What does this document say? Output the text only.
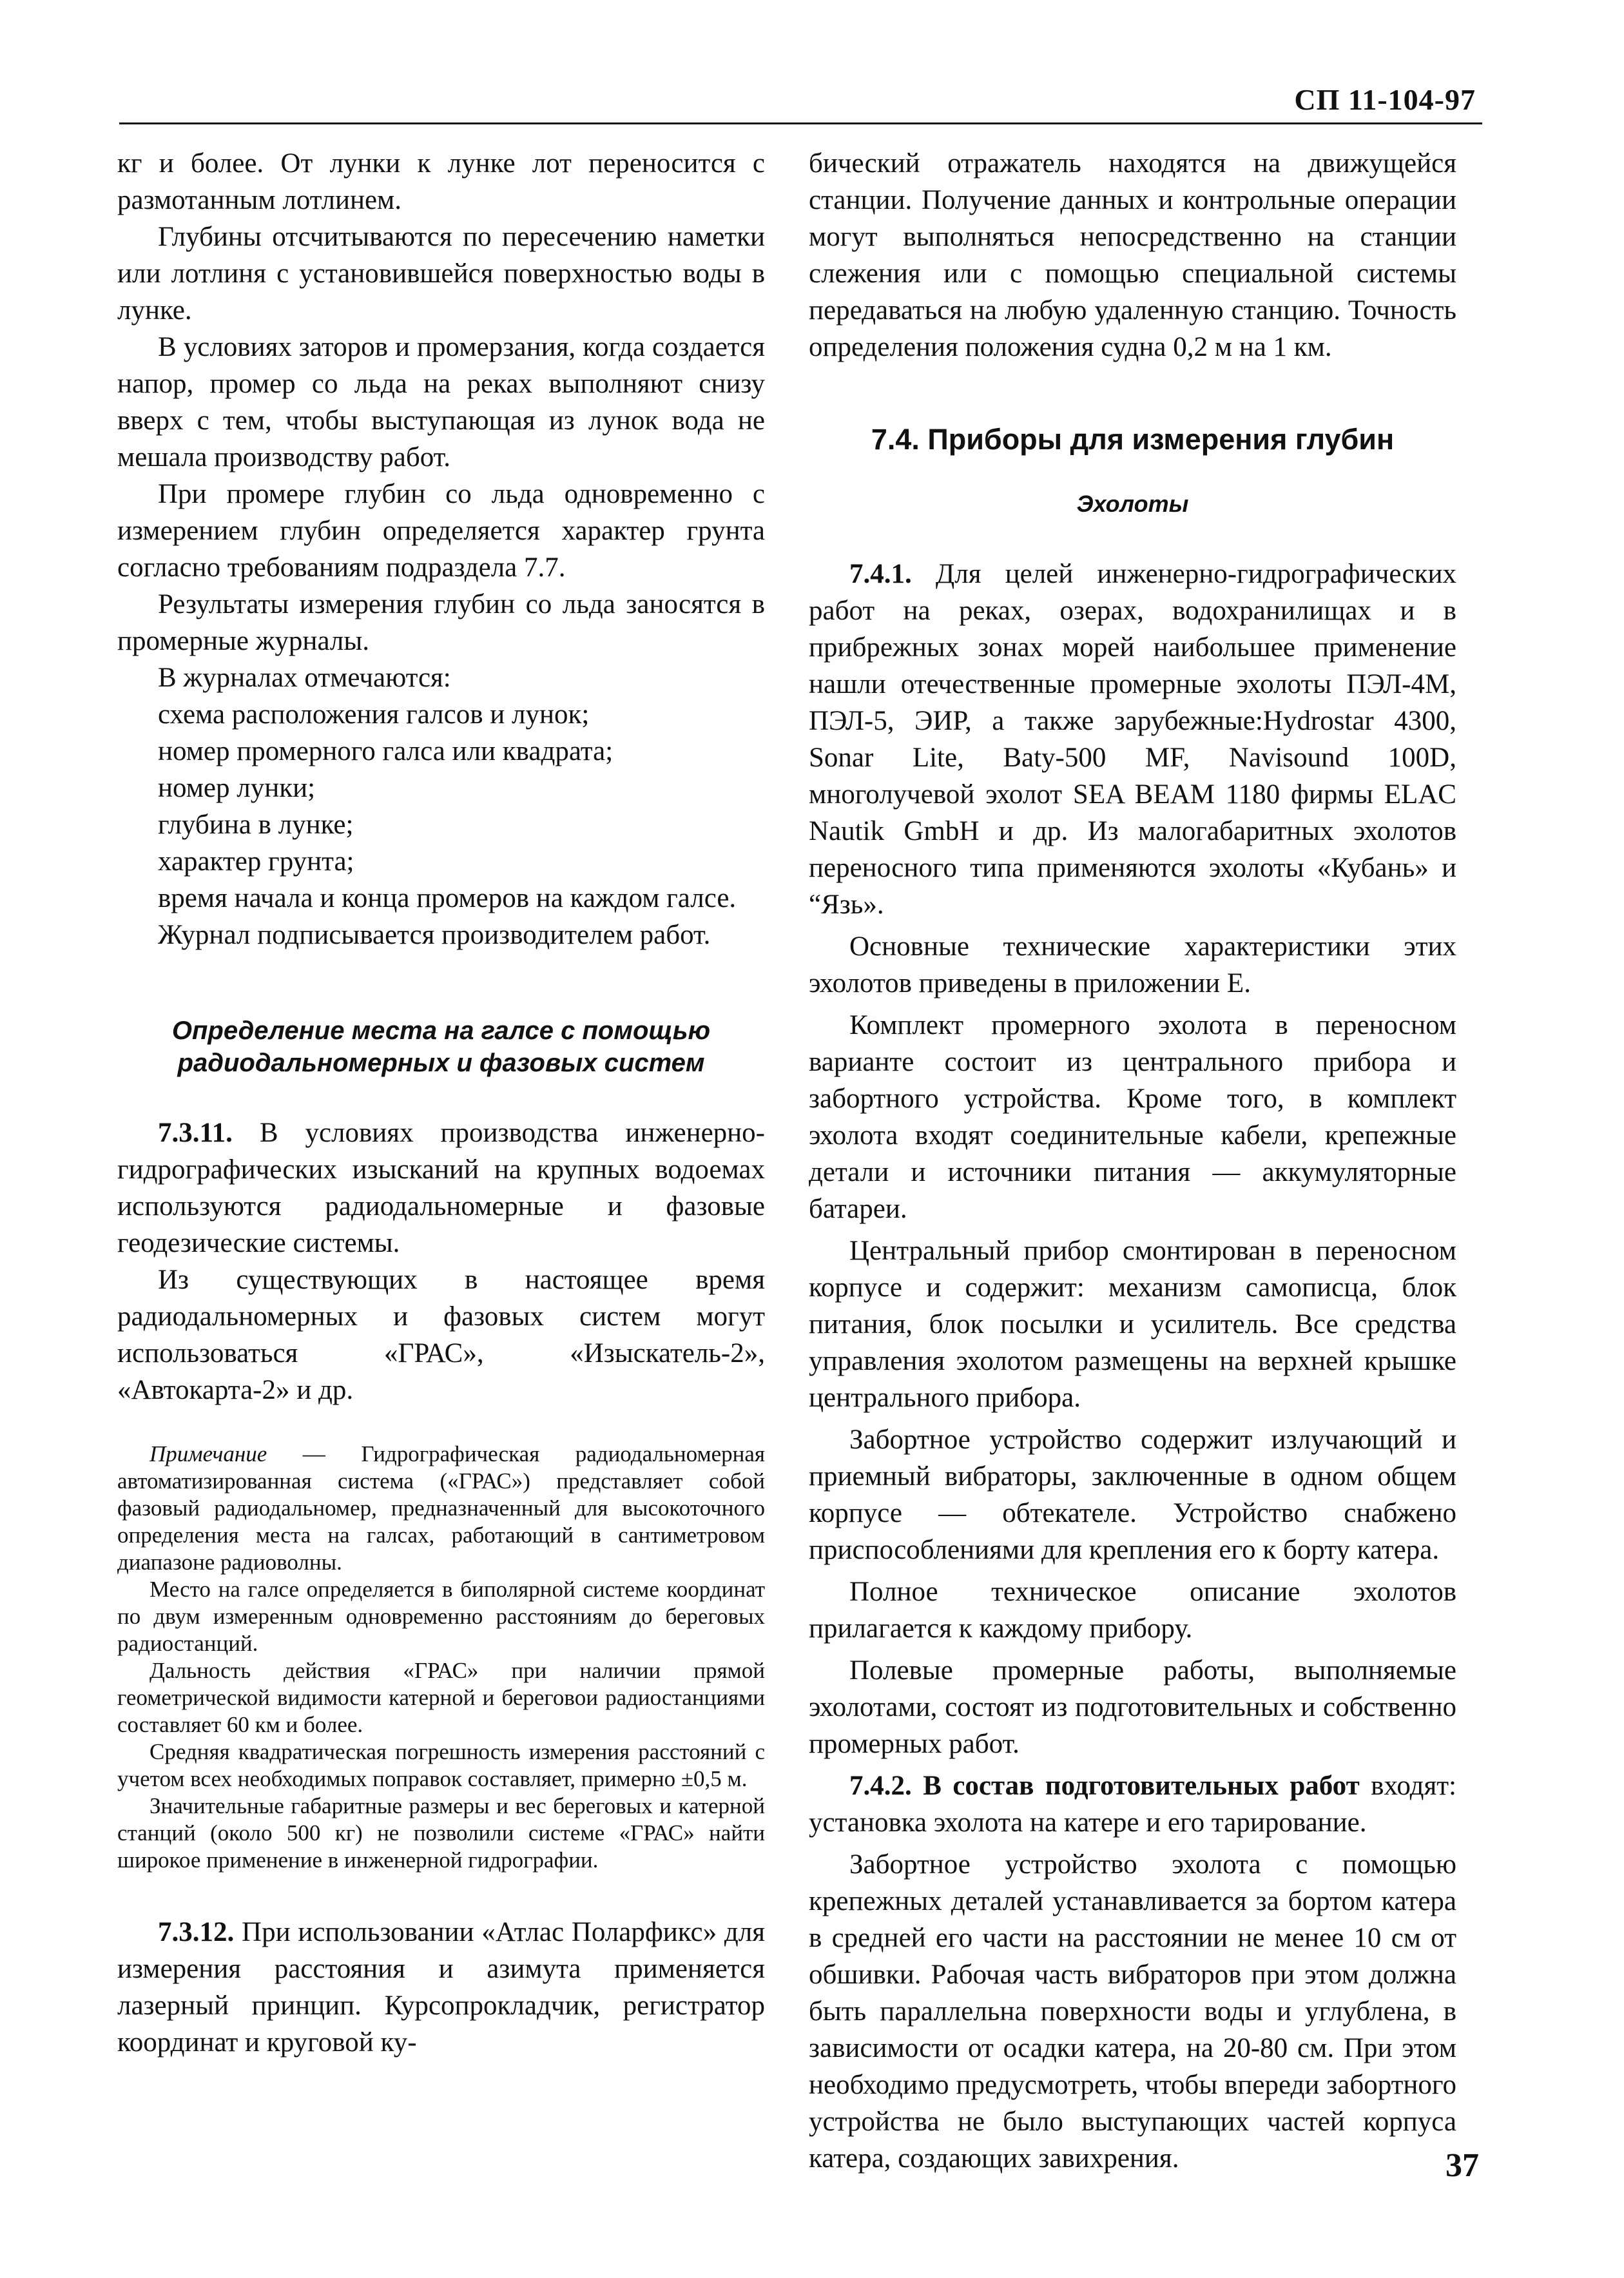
СП 11-104-97

кг и более. От лунки к лунке лот переносится с размотанным лотлинем.

Глубины отсчитываются по пересечению наметки или лотлиня с установившейся поверхностью воды в лунке.

В условиях заторов и промерзания, когда создается напор, промер со льда на реках выполняют снизу вверх с тем, чтобы выступающая из лунок вода не мешала производству работ.

При промере глубин со льда одновременно с измерением глубин определяется характер грунта согласно требованиям подраздела 7.7.

Результаты измерения глубин со льда заносятся в промерные журналы.

В журналах отмечаются:

схема расположения галсов и лунок;

номер промерного галса или квадрата;

номер лунки;

глубина в лунке;

характер грунта;

время начала и конца промеров на каждом галсе.

Журнал подписывается производителем работ.

Определение места на галсе с помощью радиодальномерных и фазовых систем

7.3.11. В условиях производства инженерно-гидрографических изысканий на крупных водоемах используются радиодальномерные и фазовые геодезические системы.

Из существующих в настоящее время радиодальномерных и фазовых систем могут использоваться «ГРАС», «Изыскатель-2», «Автокарта-2» и др.

Примечание — Гидрографическая радиодальномерная автоматизированная система («ГРАС») представляет собой фазовый радиодальномер, предназначенный для высокоточного определения места на галсах, работающий в сантиметровом диапазоне радиоволны.

Место на галсе определяется в биполярной системе координат по двум измеренным одновременно расстояниям до береговых радиостанций.

Дальность действия «ГРАС» при наличии прямой геометрической видимости катерной и береговои радиостанциями составляет 60 км и более.

Средняя квадратическая погрешность измерения расстояний с учетом всех необходимых поправок составляет, примерно ±0,5 м.

Значительные габаритные размеры и вес береговых и катерной станций (около 500 кг) не позволили системе «ГРАС» найти широкое применение в инженерной гидрографии.

7.3.12. При использовании «Атлас Поларфикс» для измерения расстояния и азимута применяется лазерный принцип. Курсопрокладчик, регистратор координат и круговой ку-

бический отражатель находятся на движущейся станции. Получение данных и контрольные операции могут выполняться непосредственно на станции слежения или с помощью специальной системы передаваться на любую удаленную станцию. Точность определения положения судна 0,2 м на 1 км.

7.4. Приборы для измерения глубин

Эхолоты

7.4.1. Для целей инженерно-гидрографических работ на реках, озерах, водохранилищах и в прибрежных зонах морей наибольшее применение нашли отечественные промерные эхолоты ПЭЛ-4М, ПЭЛ-5, ЭИР, а также зарубежные:Hydrostar 4300, Sonar Lite, Baty-500 MF, Navisound 100D, многолучевой эхолот SEA BEAM 1180 фирмы ELAC Nautik GmbH и др. Из малогабаритных эхолотов переносного типа применяются эхолоты «Кубань» и “Язь».

Основные технические характеристики этих эхолотов приведены в приложении Е.

Комплект промерного эхолота в переносном варианте состоит из центрального прибора и забортного устройства. Кроме того, в комплект эхолота входят соединительные кабели, крепежные детали и источники питания — аккумуляторные батареи.

Центральный прибор смонтирован в переносном корпусе и содержит: механизм самописца, блок питания, блок посылки и усилитель. Все средства управления эхолотом размещены на верхней крышке центрального прибора.

Забортное устройство содержит излучающий и приемный вибраторы, заключенные в одном общем корпусе — обтекателе. Устройство снабжено приспособлениями для крепления его к борту катера.

Полное техническое описание эхолотов прилагается к каждому прибору.

Полевые промерные работы, выполняемые эхолотами, состоят из подготовительных и собственно промерных работ.

7.4.2. В состав подготовительных работ входят: установка эхолота на катере и его тарирование.

Забортное устройство эхолота с помощью крепежных деталей устанавливается за бортом катера в средней его части на расстоянии не менее 10 см от обшивки. Рабочая часть вибраторов при этом должна быть параллельна поверхности воды и углублена, в зависимости от осадки катера, на 20-80 см. При этом необходимо предусмотреть, чтобы впереди забортного устройства не было выступающих частей корпуса катера, создающих завихрения.	37
